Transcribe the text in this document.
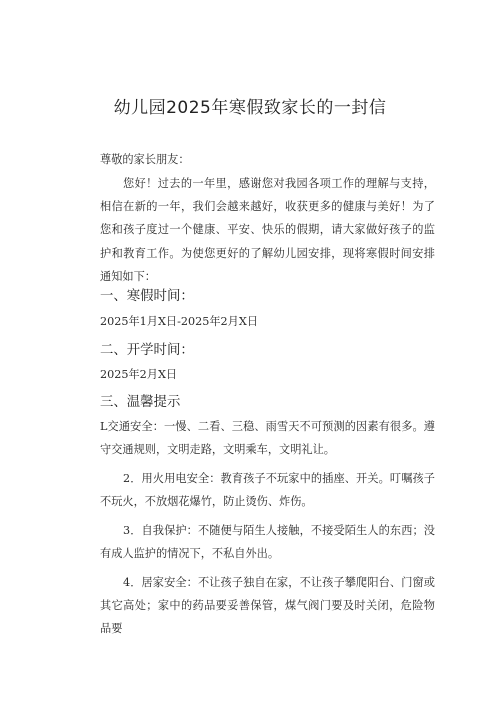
幼儿园2025年寒假致家长的一封信

尊敬的家长朋友：

您好！过去的一年里，感谢您对我园各项工作的理解与支持，相信在新的一年，我们会越来越好，收获更多的健康与美好！为了您和孩子度过一个健康、平安、快乐的假期，请大家做好孩子的监护和教育工作。为使您更好的了解幼儿园安排，现将寒假时间安排通知如下：

一、寒假时间：

2025年1月X日-2025年2月X日

二、开学时间：

2025年2月X日

三、温馨提示

L交通安全：一慢、二看、三稳、雨雪天不可预测的因素有很多。遵守交通规则，文明走路，文明乘车，文明礼让。

2．用火用电安全：教育孩子不玩家中的插座、开关。叮嘱孩子不玩火，不放烟花爆竹，防止烫伤、炸伤。

3．自我保护：不随便与陌生人接触，不接受陌生人的东西；没有成人监护的情况下，不私自外出。

4．居家安全：不让孩子独自在家，不让孩子攀爬阳台、门窗或其它高处；家中的药品要妥善保管，煤气阀门要及时关闭，危险物品要
